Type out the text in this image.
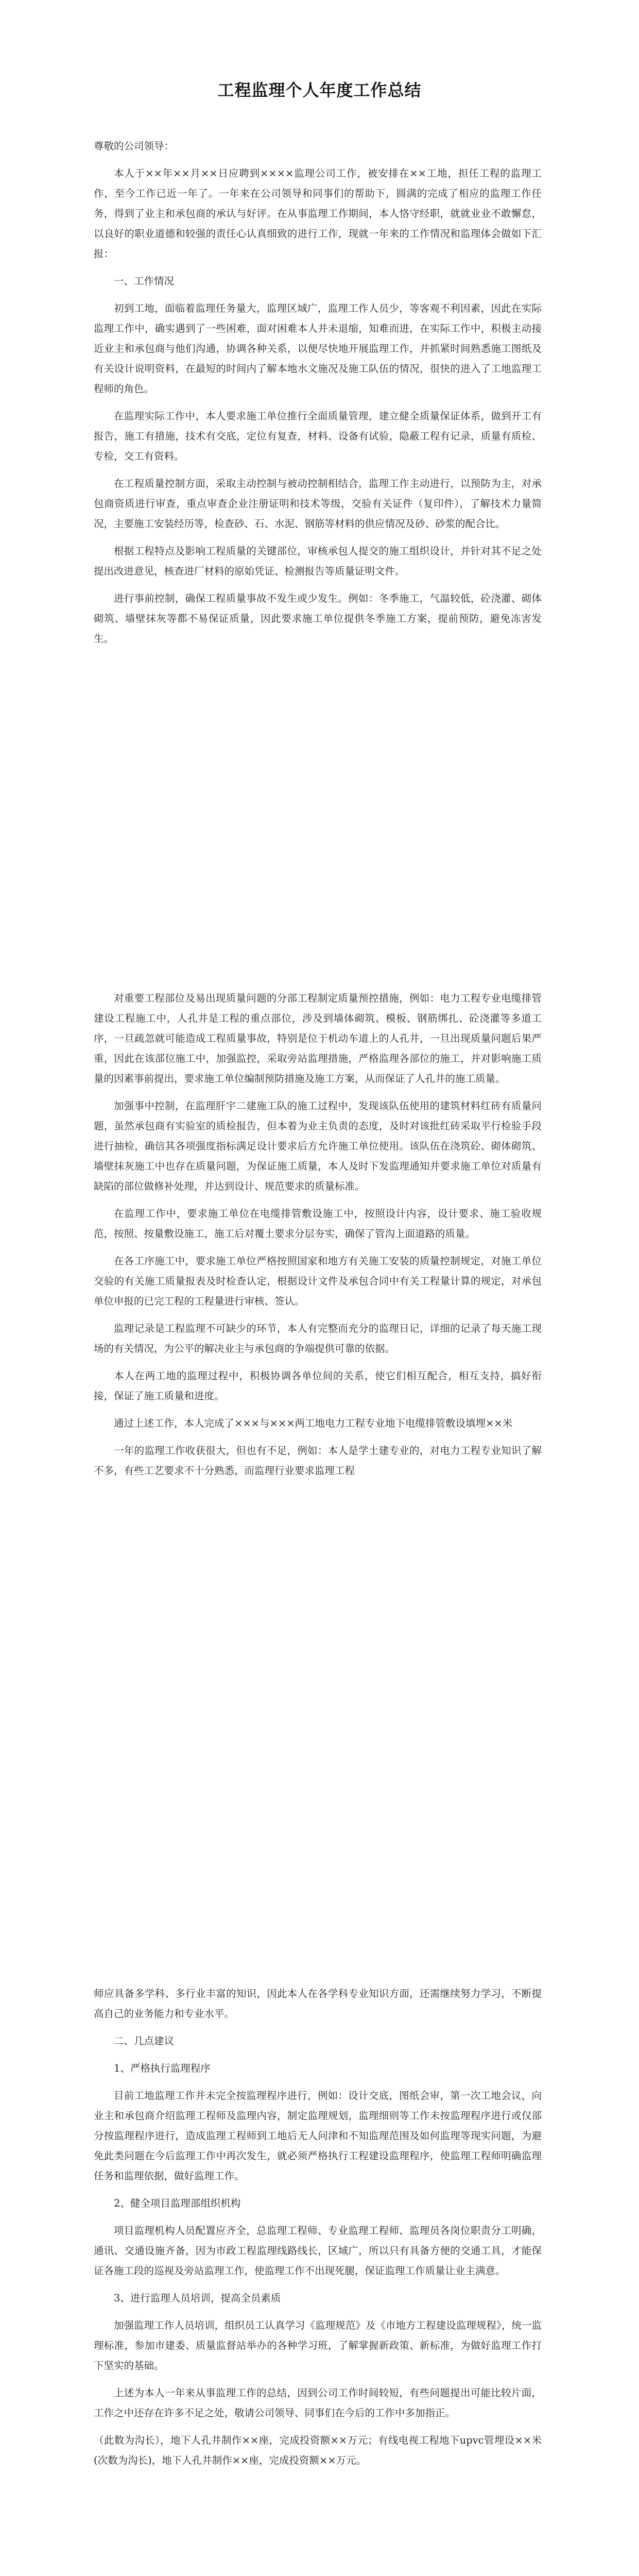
工程监理个人年度工作总结

尊敬的公司领导：

本人于××年××月××日应聘到××××监理公司工作，被安排在××工地，担任工程的监理工作，至今工作已近一年了。一年来在公司领导和同事们的帮助下，圆满的完成了相应的监理工作任务，得到了业主和承包商的承认与好评。在从事监理工作期间，本人恪守经职，就就业业不敢懈怠，以良好的职业道德和较强的责任心认真细致的进行工作，现就一年来的工作情况和监理体会做如下汇报：

一、工作情况

初到工地，面临着监理任务量大，监理区域广，监理工作人员少，等客观不利因素，因此在实际监理工作中，确实遇到了一些困难，面对困难本人并未退缩，知难而进，在实际工作中，积极主动接近业主和承包商与他们沟通，协调各种关系，以便尽快地开展监理工作，并抓紧时间熟悉施工图纸及有关设计说明资料，在最短的时间内了解本地水文施况及施工队伍的情况，很快的进入了工地监理工程师的角色。

在监理实际工作中，本人要求施工单位推行全面质量管理，建立健全质量保证体系，做到开工有报告，施工有措施，技术有交底，定位有复查，材料、设备有试验，隐蔽工程有记录，质量有质检、专检，交工有资料。

在工程质量控制方面，采取主动控制与被动控制相结合，监理工作主动进行，以预防为主，对承包商资质进行审查，重点审查企业注册证明和技术等级，交验有关证件（复印件），了解技术力量简况，主要施工安装经历等，检查砂、石、水泥、钢筋等材料的供应情况及砂、砂浆的配合比。

根据工程特点及影响工程质量的关键部位，审核承包人提交的施工组织设计，并针对其不足之处提出改进意见，核查进厂材料的原始凭证、检测报告等质量证明文件。

进行事前控制，确保工程质量事故不发生或少发生。例如：冬季施工，气温较低，砼浇灌、砌体砌筑、墙壁抹灰等都不易保证质量，因此要求施工单位提供冬季施工方案，提前预防，避免冻害发生。

对重要工程部位及易出现质量问题的分部工程制定质量预控措施，例如：电力工程专业电缆排管建设工程施工中，人孔井是工程的重点部位，涉及到墙体砌筑、模板、钢筋绑扎、砼浇灌等多道工序，一旦疏忽就可能造成工程质量事故，特别是位于机动车道上的人孔井，一旦出现质量问题后果严重，因此在该部位施工中，加强监控，采取旁站监理措施，严格监理各部位的施工，并对影响施工质量的因素事前提出，要求施工单位编制预防措施及施工方案，从而保证了人孔井的施工质量。

加强事中控制，在监理肝宇二建施工队的施工过程中，发现该队伍使用的建筑材料红砖有质量问题，虽然承包商有实验室的质检报告，但本着为业主负责的态度，及时对该批红砖采取平行检验手段进行抽检，确信其各项强度指标满足设计要求后方允许施工单位使用。该队伍在浇筑砼、砌体砌筑、墙壁抹灰施工中也存在质量问题，为保证施工质量，本人及时下发监理通知并要求施工单位对质量有缺陷的部位做修补处理，并达到设计、规范要求的质量标准。

在监理工作中，要求施工单位在电缆排管敷设施工中，按照设计内容，设计要求、施工验收规范，按照、按量敷设施工，施工后对覆土要求分层夯实，确保了管沟上面道路的质量。

在各工序施工中，要求施工单位严格按照国家和地方有关施工安装的质量控制规定，对施工单位交验的有关施工质量报表及时检查认定，根据设计文件及承包合同中有关工程量计算的规定，对承包单位申报的已完工程的工程量进行审核、签认。

监理记录是工程监理不可缺少的环节，本人有完整而充分的监理日记，详细的记录了每天施工现场的有关情况，为公平的解决业主与承包商的争端提供可靠的依据。

本人在两工地的监理过程中，积极协调各单位间的关系，使它们相互配合，相互支持，搞好衔接，保证了施工质量和进度。

通过上述工作，本人完成了×××与×××两工地电力工程专业地下电缆排管敷设填埋××米

一年的监理工作收获很大，但也有不足，例如：本人是学土建专业的，对电力工程专业知识了解不多，有些工艺要求不十分熟悉，而监理行业要求监理工程

师应具备多学科、多行业丰富的知识，因此本人在各学科专业知识方面，还需继续努力学习，不断提高自己的业务能力和专业水平。

二、几点建议

1、严格执行监理程序

目前工地监理工作并未完全按监理程序进行，例如：设计交底，图纸会审，第一次工地会议，向业主和承包商介绍监理工程师及监理内容，制定监理规划，监理细则等工作未按监理程序进行或仅部分按监理程序进行，造成监理工程师到工地后无人问津和不知监理范围及如何监理等现实问题，为避免此类问题在今后监理工作中再次发生，就必须严格执行工程建设监理程序，使监理工程师明确监理任务和监理依据，做好监理工作。

2、健全项目监理部组织机构

项目监理机构人员配置应齐全，总监理工程师、专业监理工程师、监理员各岗位职责分工明确，通讯、交通设施齐备，因为市政工程监理线路线长，区域广，所以只有具备方便的交通工具，才能保证各施工段的巡视及旁站监理工作，使监理工作不出现死腿，保证监理工作质量让业主满意。

3、进行监理人员培训，提高全员素质

加强监理工作人员培训，组织员工认真学习《监理规范》及《市地方工程建设监理规程》，统一监理标准，参加市建委、质量监督站举办的各种学习班，了解掌握新政策、新标准，为做好监理工作打下坚实的基础。

上述为本人一年来从事监理工作的总结，因到公司工作时间较短，有些问题提出可能比较片面，工作之中还存在许多不足之处，敬请公司领导、同事们在今后的工作中多加指正。

（此数为沟长），地下人孔井制作××座，完成投资额××万元；有线电视工程地下upvc管埋设××米(次数为沟长)，地下人孔井制作××座，完成投资额××万元。
